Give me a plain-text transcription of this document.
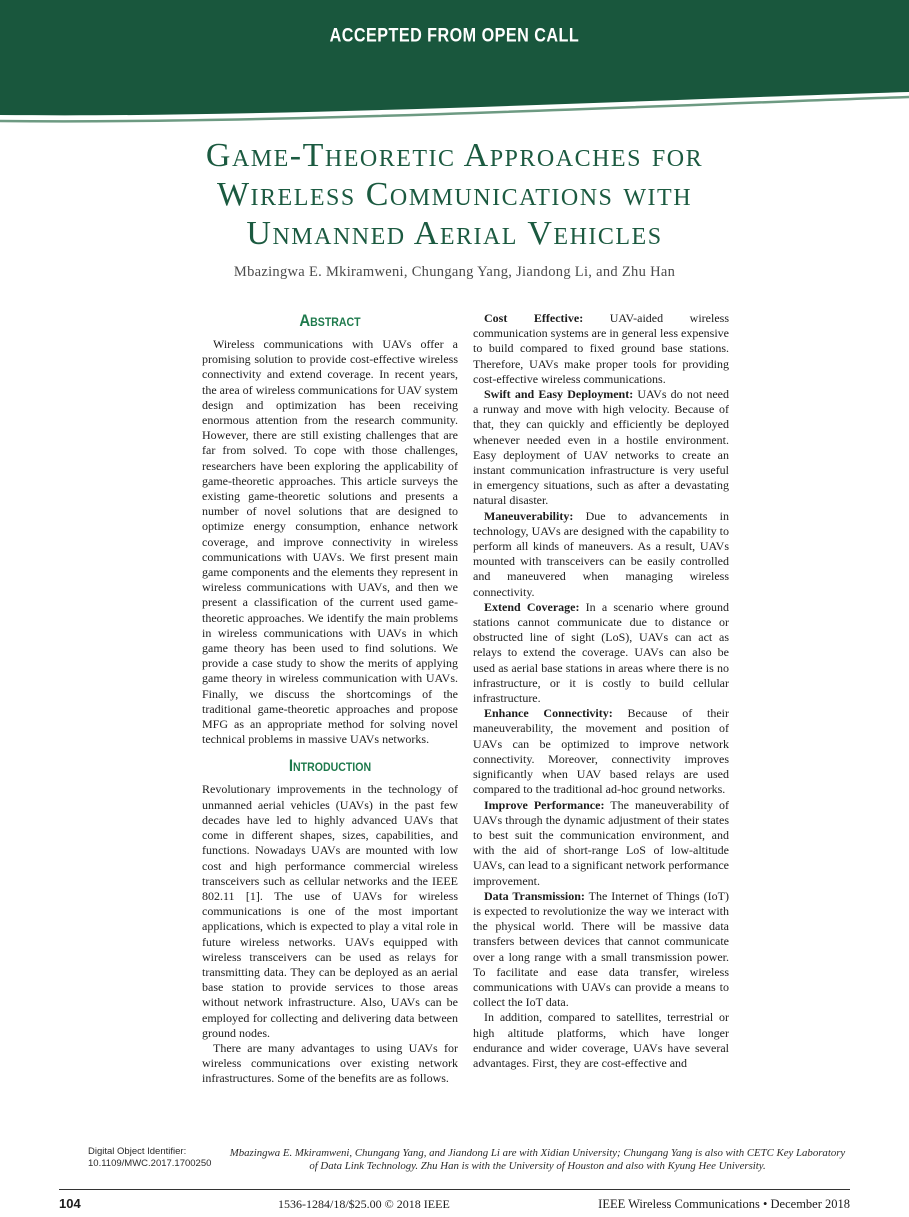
ACCEPTED FROM OPEN CALL
Game-Theoretic Approaches for
Wireless Communications with
Unmanned Aerial Vehicles
Mbazingwa E. Mkiramweni, Chungang Yang, Jiandong Li, and Zhu Han
Abstract

Wireless communications with UAVs offer a promising solution to provide cost-effective wireless connectivity and extend coverage. In recent years, the area of wireless communications for UAV system design and optimization has been receiving enormous attention from the research community. However, there are still existing challenges that are far from solved. To cope with those challenges, researchers have been exploring the applicability of game-theoretic approaches. This article surveys the existing game-theoretic solutions and presents a number of novel solutions that are designed to optimize energy consumption, enhance network coverage, and improve connectivity in wireless communications with UAVs. We first present main game components and the elements they represent in wireless communications with UAVs, and then we present a classification of the current used game-theoretic approaches. We identify the main problems in wireless communications with UAVs in which game theory has been used to find solutions. We provide a case study to show the merits of applying game theory in wireless communication with UAVs. Finally, we discuss the shortcomings of the traditional game-theoretic approaches and propose MFG as an appropriate method for solving novel technical problems in massive UAVs networks.

Introduction

Revolutionary improvements in the technology of unmanned aerial vehicles (UAVs) in the past few decades have led to highly advanced UAVs that come in different shapes, sizes, capabilities, and functions. Nowadays UAVs are mounted with low cost and high performance commercial wireless transceivers such as cellular networks and the IEEE 802.11 [1]. The use of UAVs for wireless communications is one of the most important applications, which is expected to play a vital role in future wireless networks. UAVs equipped with wireless transceivers can be used as relays for transmitting data. They can be deployed as an aerial base station to provide services to those areas without network infrastructure. Also, UAVs can be employed for collecting and delivering data between ground nodes.

There are many advantages to using UAVs for wireless communications over existing network infrastructures. Some of the benefits are as follows.

Cost Effective: UAV-aided wireless communication systems are in general less expensive to build compared to fixed ground base stations. Therefore, UAVs make proper tools for providing cost-effective wireless communications.

Swift and Easy Deployment: UAVs do not need a runway and move with high velocity. Because of that, they can quickly and efficiently be deployed whenever needed even in a hostile environment. Easy deployment of UAV networks to create an instant communication infrastructure is very useful in emergency situations, such as after a devastating natural disaster.

Maneuverability: Due to advancements in technology, UAVs are designed with the capability to perform all kinds of maneuvers. As a result, UAVs mounted with transceivers can be easily controlled and maneuvered when managing wireless connectivity.

Extend Coverage: In a scenario where ground stations cannot communicate due to distance or obstructed line of sight (LoS), UAVs can act as relays to extend the coverage. UAVs can also be used as aerial base stations in areas where there is no infrastructure, or it is costly to build cellular infrastructure.

Enhance Connectivity: Because of their maneuverability, the movement and position of UAVs can be optimized to improve network connectivity. Moreover, connectivity improves significantly when UAV based relays are used compared to the traditional ad-hoc ground networks.

Improve Performance: The maneuverability of UAVs through the dynamic adjustment of their states to best suit the communication environment, and with the aid of short-range LoS of low-altitude UAVs, can lead to a significant network performance improvement.

Data Transmission: The Internet of Things (IoT) is expected to revolutionize the way we interact with the physical world. There will be massive data transfers between devices that cannot communicate over a long range with a small transmission power. To facilitate and ease data transfer, wireless communications with UAVs can provide a means to collect the IoT data.

In addition, compared to satellites, terrestrial or high altitude platforms, which have longer endurance and wider coverage, UAVs have several advantages. First, they are cost-effective and

Digital Object Identifier:
10.1109/MWC.2017.1700250
Mbazingwa E. Mkiramweni, Chungang Yang, and Jiandong Li are with Xidian University; Chungang Yang is also with CETC Key Laboratory of Data Link Technology. Zhu Han is with the University of Houston and also with Kyung Hee University.
104	1536-1284/18/$25.00 © 2018 IEEE	IEEE Wireless Communications • December 2018
